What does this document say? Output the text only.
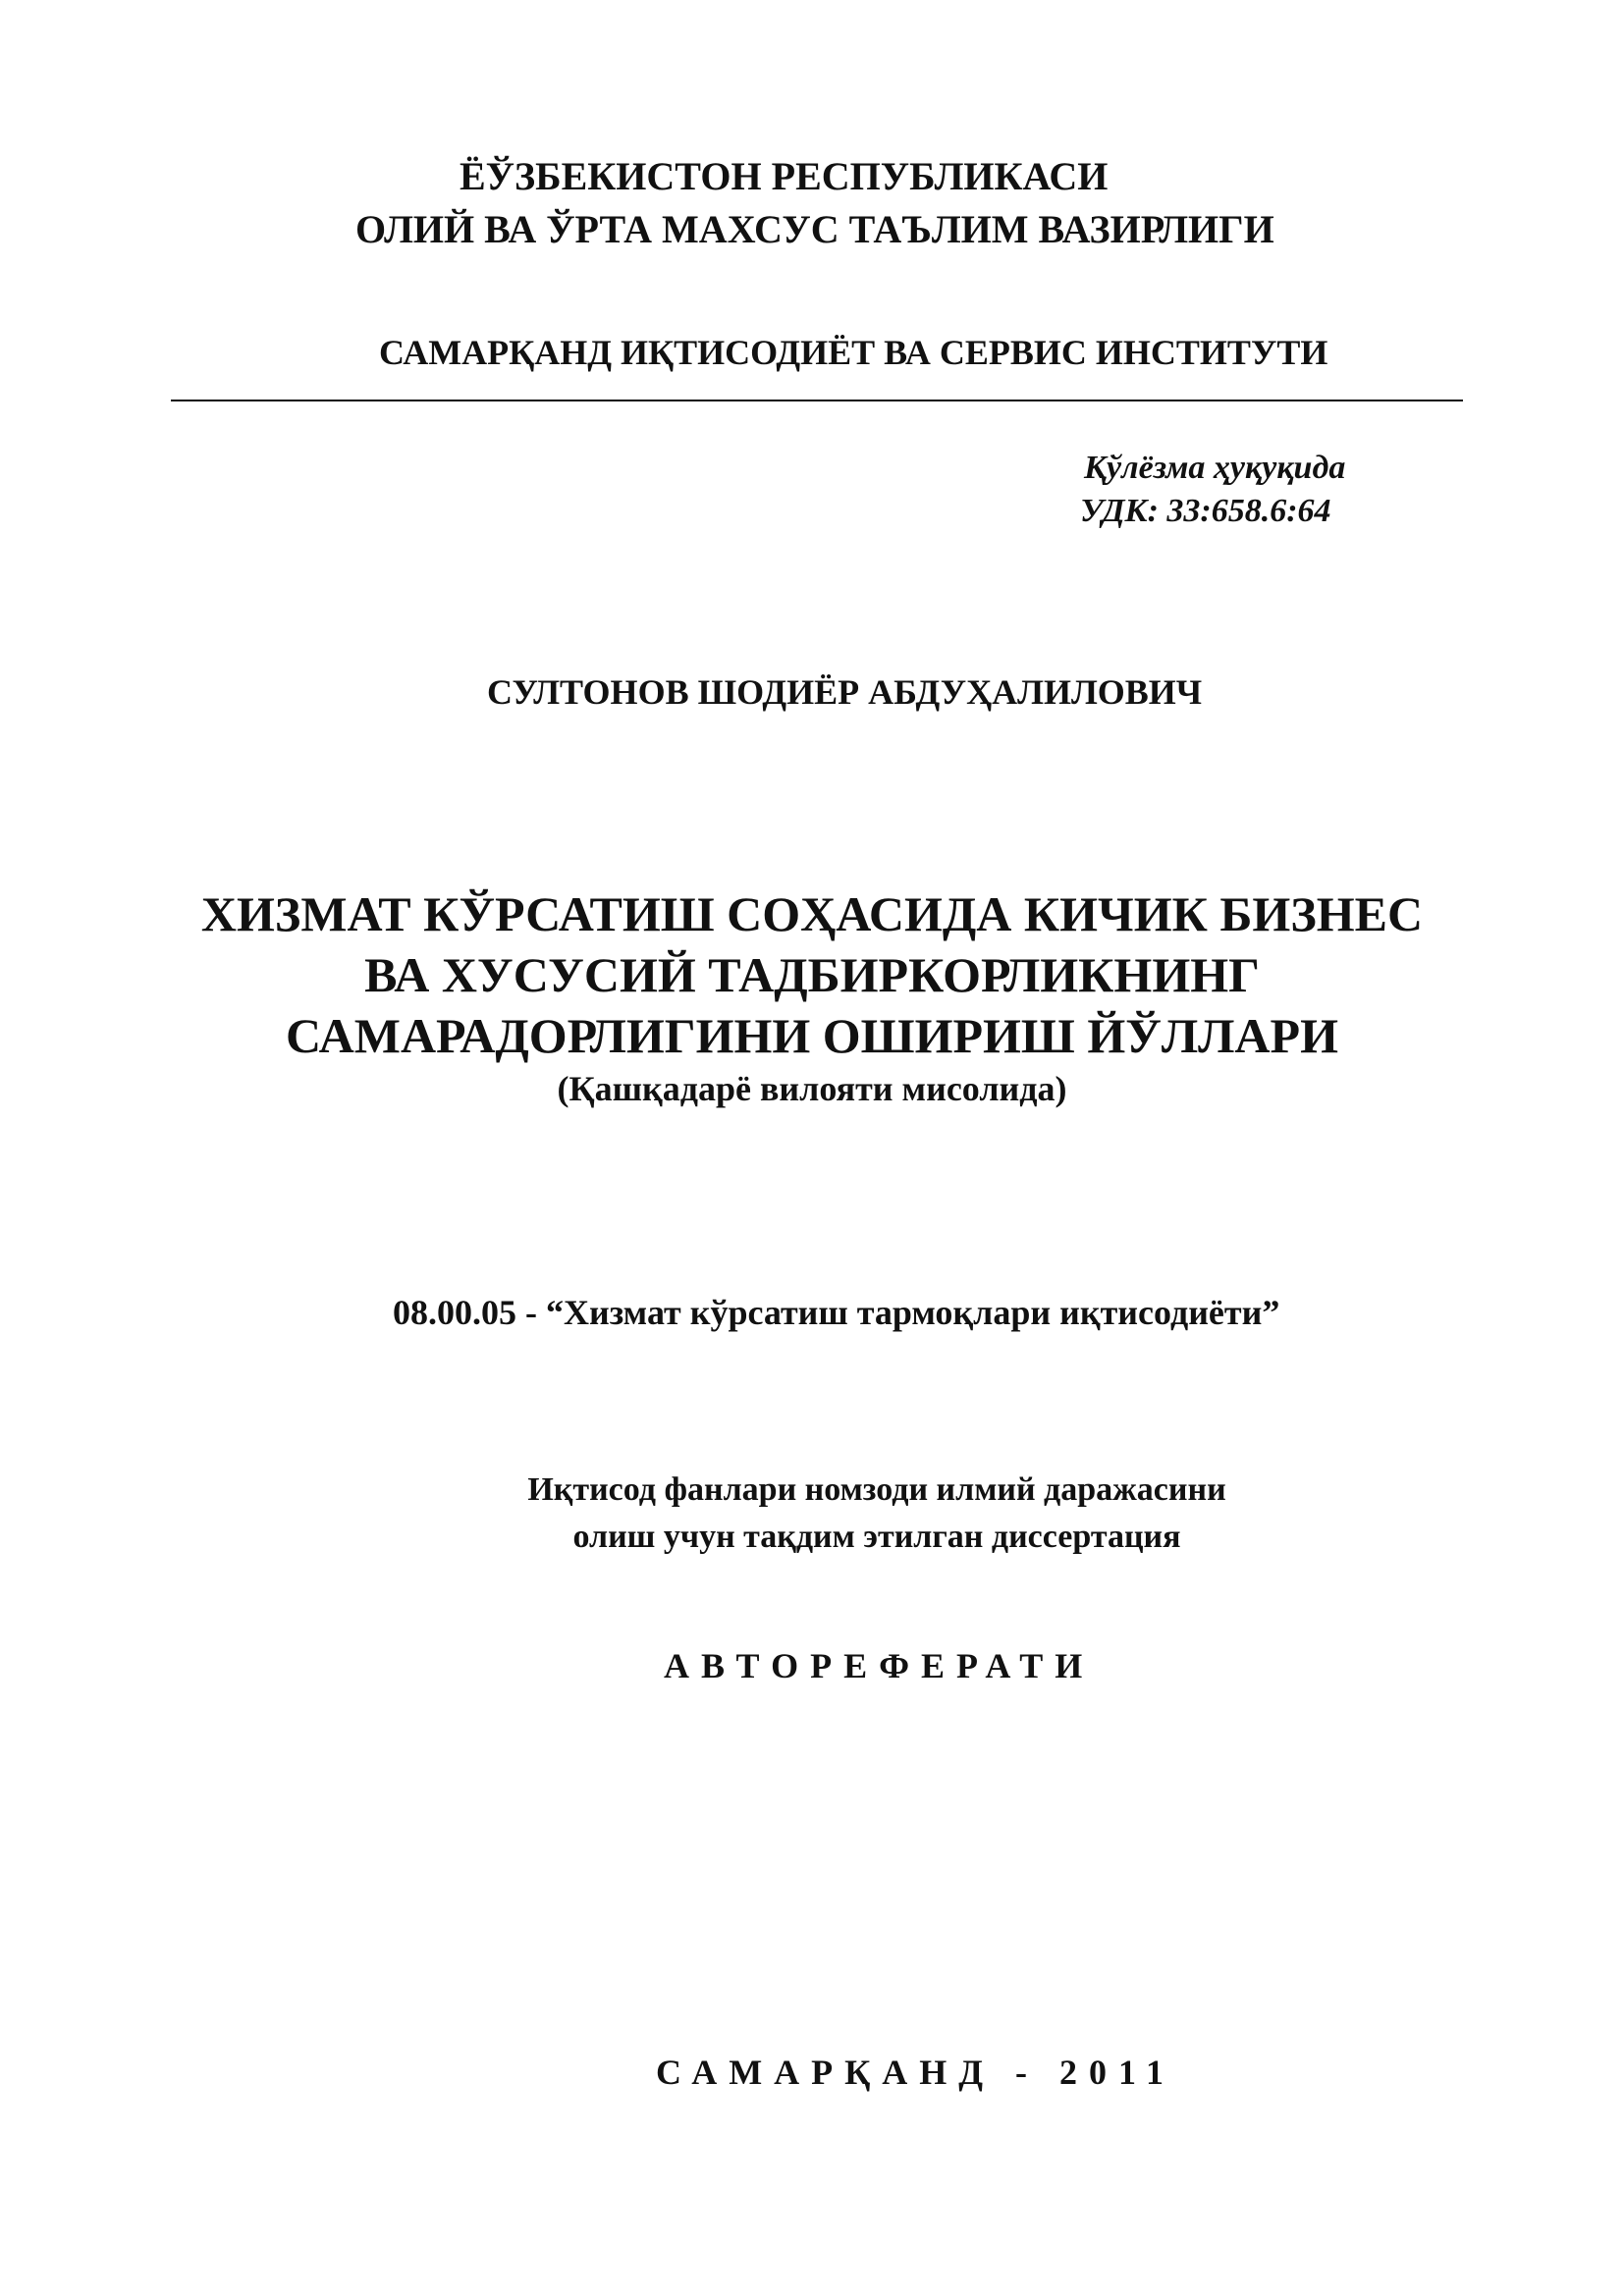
ЁЎЗБЕКИСТОН РЕСПУБЛИКАСИ
ОЛИЙ ВА ЎРТА МАХСУС ТАЪЛИМ ВАЗИРЛИГИ
САМАРҚАНД ИҚТИСОДИЁТ ВА СЕРВИС ИНСТИТУТИ
Қўлёзма ҳуқуқида
УДК: 33:658.6:64
СУЛТОНОВ ШОДИЁР АБДУҲАЛИЛОВИЧ
ХИЗМАТ КЎРСАТИШ СОҲАСИДА КИЧИК БИЗНЕС
ВА ХУСУСИЙ ТАДБИРКОРЛИКНИНГ
САМАРАДОРЛИГИНИ ОШИРИШ ЙЎЛЛАРИ
(Қашқадарё вилояти мисолида)
08.00.05 - “Хизмат кўрсатиш тармоқлари иқтисодиёти”
Иқтисод фанлари номзоди илмий даражасини
олиш учун тақдим этилган диссертация
АВТОРЕФЕРАТИ
САМАРҚАНД - 2011
